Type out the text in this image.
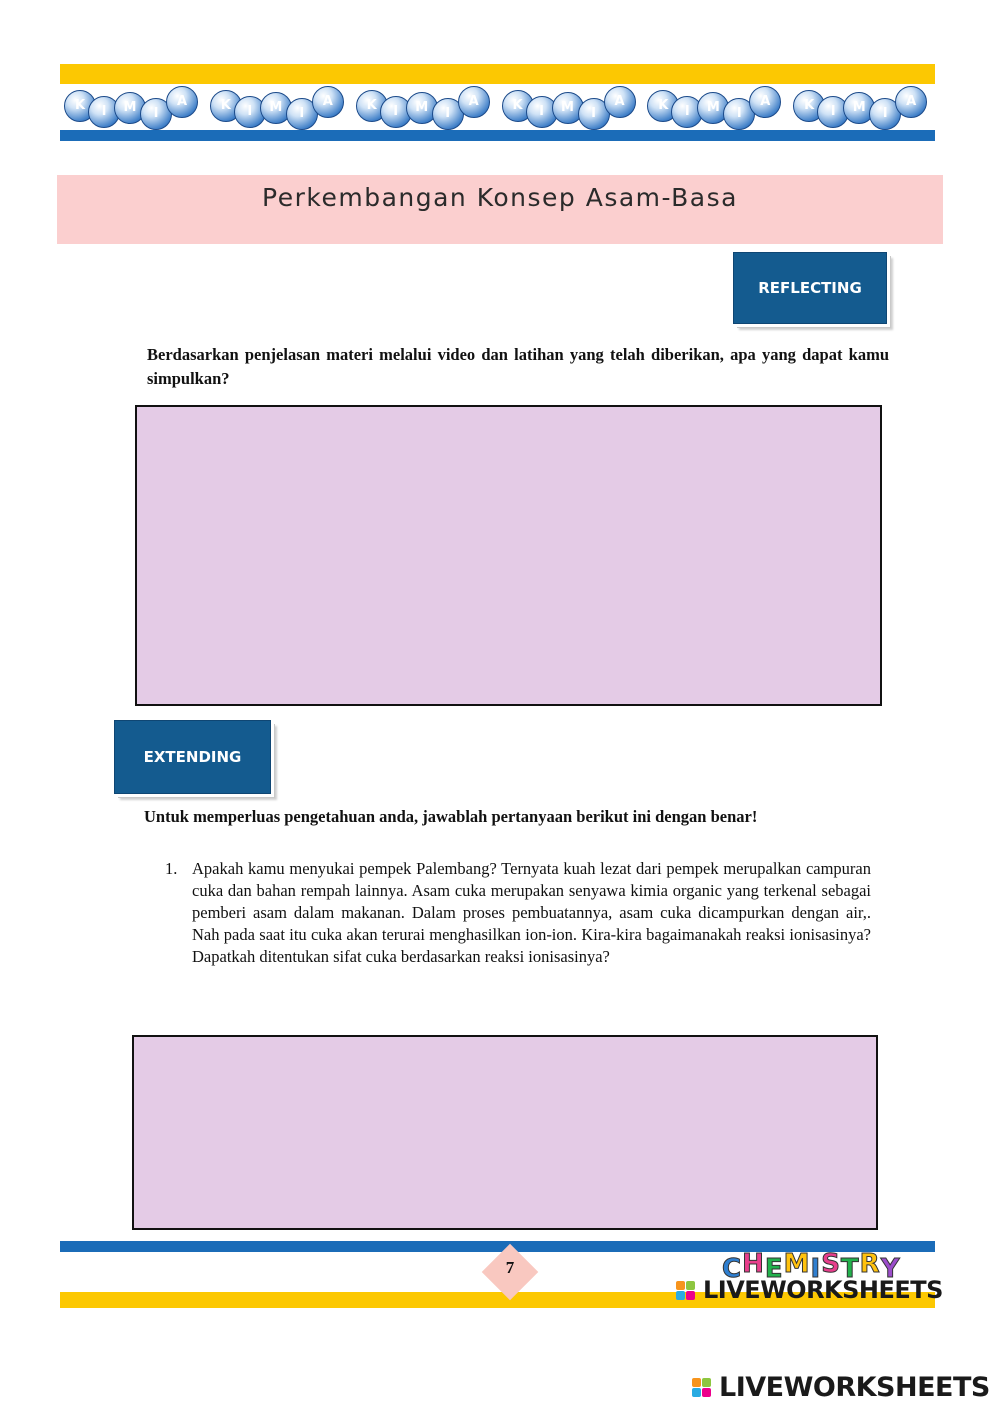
K	I	M	I
A	K	I	M	I
A	K	I	M	I
A	K	I	M	I
A	K	I	M	I
A	K	I	M	I
A
Perkembangan Konsep Asam-Basa
REFLECTING
Berdasarkan penjelasan materi melalui video dan latihan yang telah diberikan, apa yang dapat kamu simpulkan?
EXTENDING
Untuk memperluas pengetahuan anda, jawablah pertanyaan berikut ini dengan benar!
1. Apakah kamu menyukai pempek Palembang? Ternyata kuah lezat dari pempek merupalkan campuran cuka dan bahan rempah lainnya. Asam cuka merupakan senyawa kimia organic yang terkenal sebagai pemberi asam dalam makanan. Dalam proses pembuatannya, asam cuka dicampurkan dengan air,. Nah pada saat itu cuka akan terurai menghasilkan ion-ion. Kira-kira bagaimanakah reaksi ionisasinya? Dapatkah ditentukan sifat cuka berdasarkan reaksi ionisasinya?
7	CHEMISTRY
LIVEWORKSHEETS
LIVEWORKSHEETS
